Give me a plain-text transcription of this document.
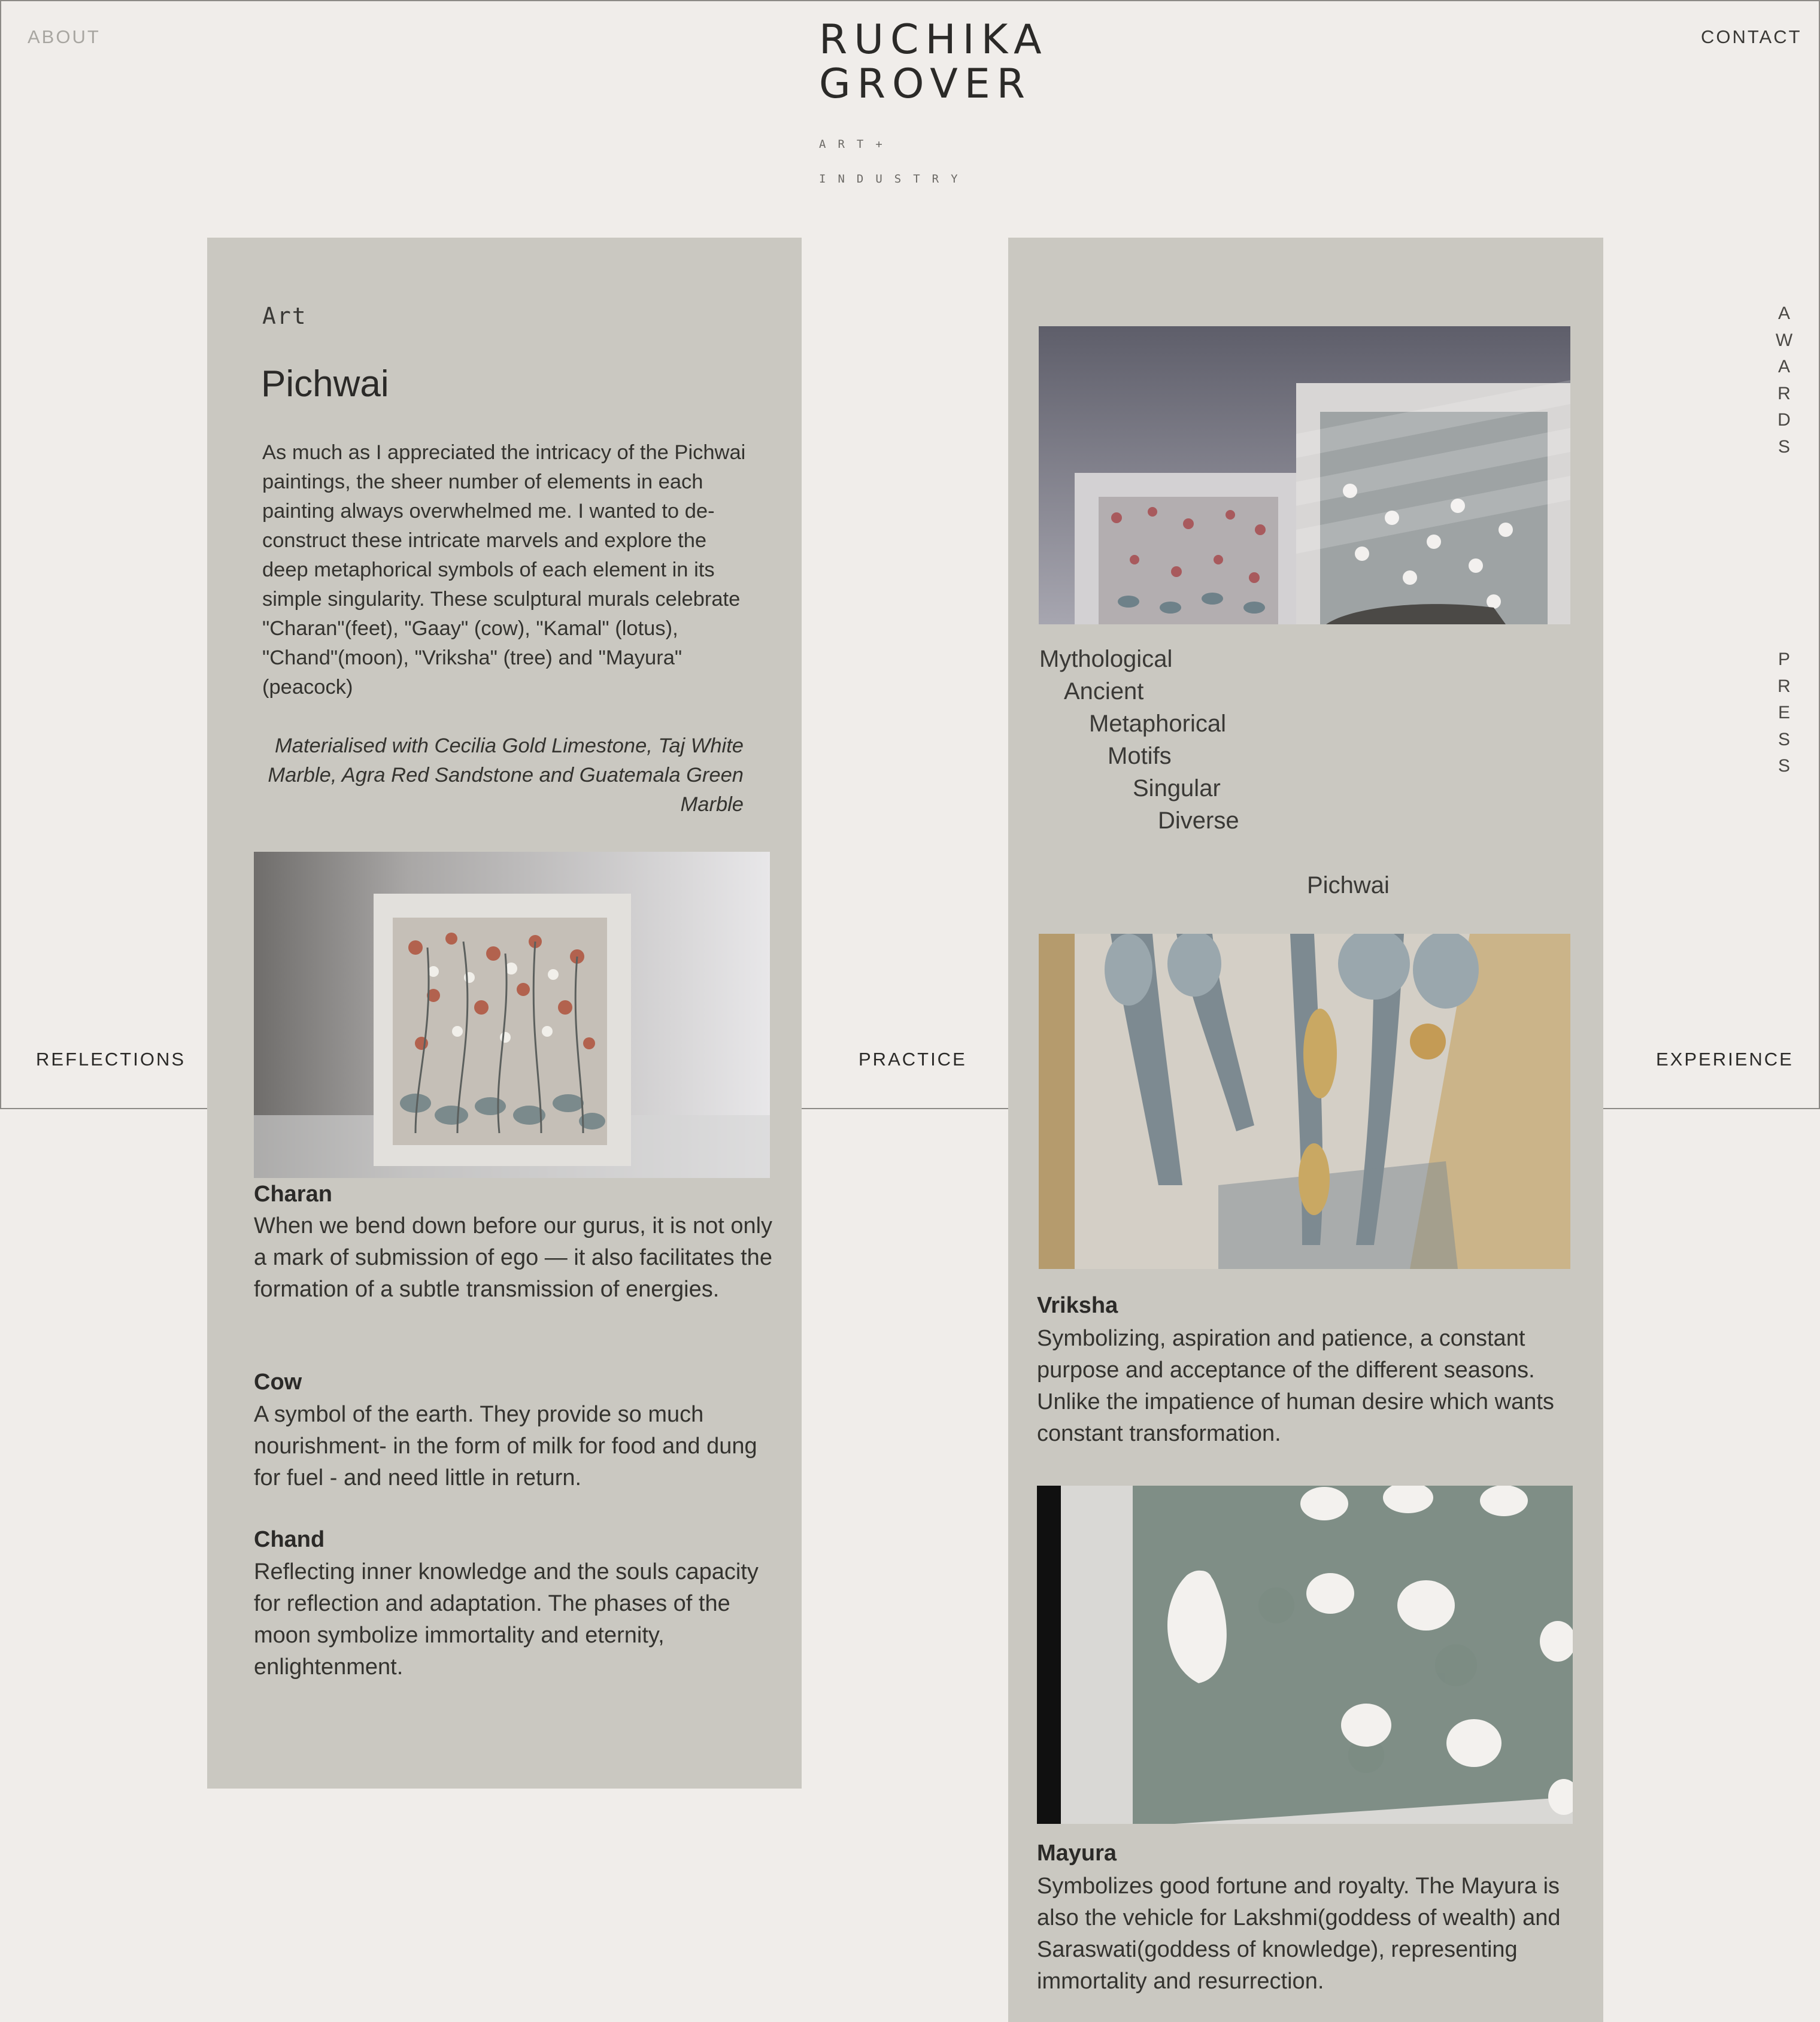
ABOUT	CONTACT
RUCHIKA
GROVER
ART+
INDUSTRY
A
W
A
R
D
S
P
R
E
S
S
REFLECTIONS	PRACTICE	EXPERIENCE
Art
Pichwai

As much as I appreciated the intricacy of the Pichwai paintings, the sheer number of elements in each painting always overwhelmed me. I wanted to de-construct these intricate marvels and explore the deep metaphorical symbols of each element in its simple singularity. These sculptural murals celebrate "Charan"(feet), "Gaay" (cow), "Kamal" (lotus), "Chand"(moon), "Vriksha" (tree) and "Mayura" (peacock)

Materialised with Cecilia Gold Limestone, Taj White Marble, Agra Red Sandstone and Guatemala Green Marble

Charan

When we bend down before our gurus, it is not only a mark of submission of ego — it also facilitates the formation of a subtle transmission of energies.

Cow

A symbol of the earth. They provide so much nourishment- in the form of milk for food and dung for fuel - and need little in return.

Chand

Reflecting inner knowledge and the souls capacity for reflection and adaptation. The phases of the moon symbolize immortality and eternity, enlightenment.

Mythological
Ancient
Metaphorical
Motifs
Singular
Diverse
Pichwai
Vriksha

Symbolizing, aspiration and patience, a constant purpose and acceptance of the different seasons. Unlike the impatience of human desire which wants constant transformation.

Mayura

Symbolizes good fortune and royalty. The Mayura is also the vehicle for Lakshmi(goddess of wealth) and Saraswati(goddess of knowledge), representing immortality and resurrection.
